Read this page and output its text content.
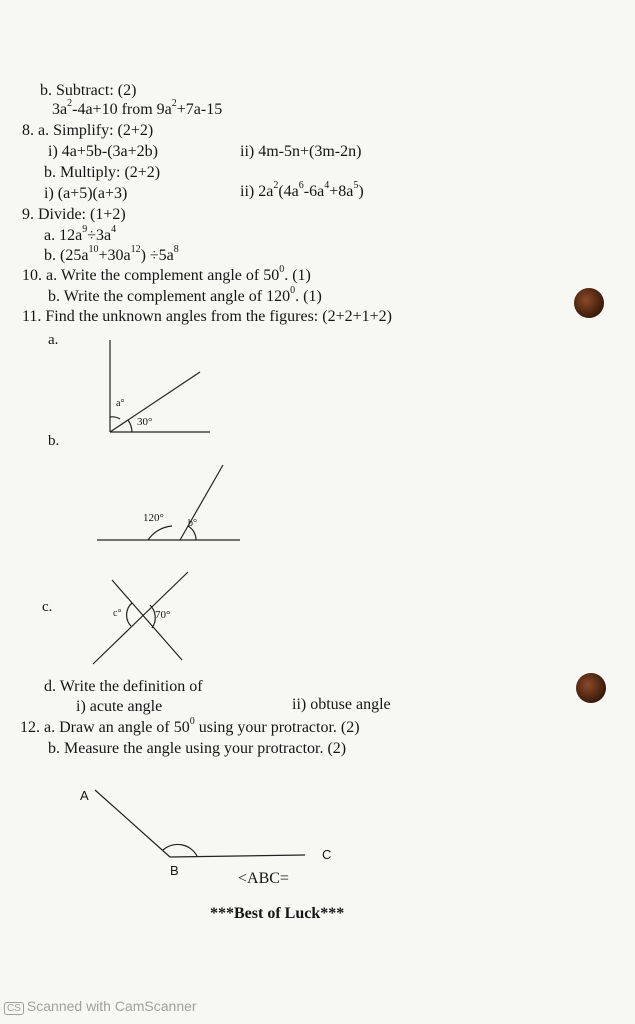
b. Subtract: (2)
$3a^2-4a+10$ from $9a^2+7a-15$
8. a. Simplify: (2+2)
i) 4a+5b-(3a+2b)	ii) 4m-5n+(3m-2n)
b. Multiply: (2+2)
i) (a+5)(a+3)	ii) $2a^2(4a^6-6a^4+8a^5)$
9. Divide: (1+2)
a. $12a^9\div 3a^4$
b. $(25a^{10}+30a^{12}) \div 5a^8$
10. a. Write the complement angle of $50^0$. (1)
b. Write the complement angle of $120^0$. (1)
11. Find the unknown angles from the figures: (2+2+1+2)
a.
b.
c.
a°
30°
120° b°
c°	70°
d. Write the definition of
i) acute angle	ii) obtuse angle
12. a. Draw an angle of $50^0$ using your protractor. (2)
b. Measure the angle using your protractor. (2)
A
B
C
<ABC=
***Best of Luck***
CS Scanned with CamScanner
